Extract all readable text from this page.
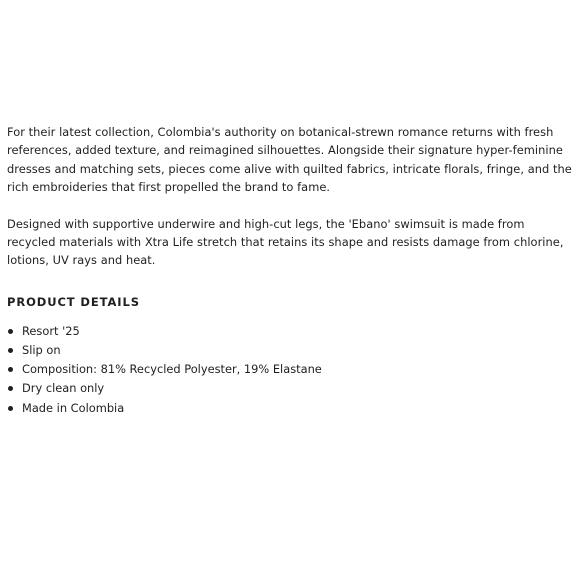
For their latest collection, Colombia's authority on botanical-strewn romance returns with fresh references, added texture, and reimagined silhouettes. Alongside their signature hyper-feminine dresses and matching sets, pieces come alive with quilted fabrics, intricate florals, fringe, and the rich embroideries that first propelled the brand to fame.

Designed with supportive underwire and high-cut legs, the 'Ebano' swimsuit is made from recycled materials with Xtra Life stretch that retains its shape and resists damage from chlorine, lotions, UV rays and heat.

PRODUCT DETAILS
Resort '25
Slip on
Composition: 81% Recycled Polyester, 19% Elastane
Dry clean only
Made in Colombia
